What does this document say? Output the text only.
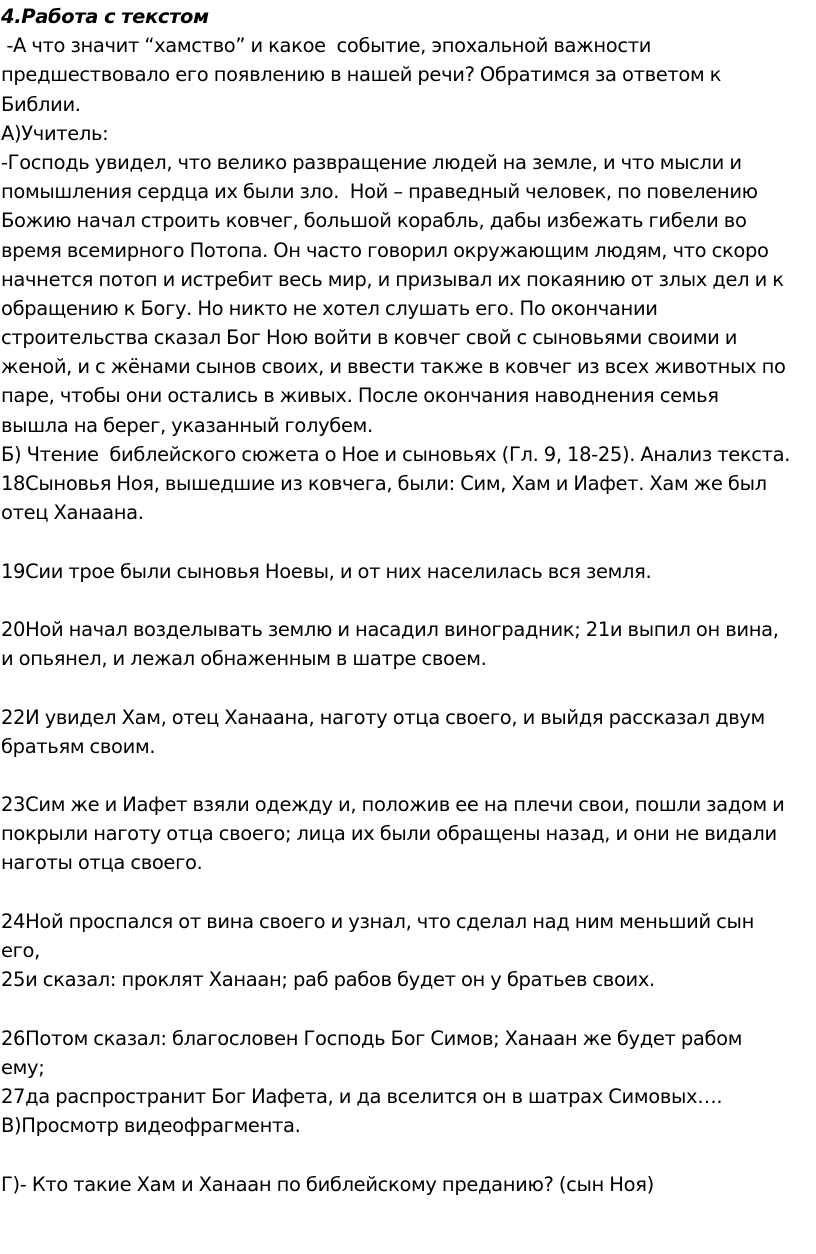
4.Работа с текстом
-А что значит “хамство” и какое  событие, эпохальной важности
предшествовало его появлению в нашей речи? Обратимся за ответом к
Библии.
А)Учитель:
-Господь увидел, что велико развращение людей на земле, и что мысли и
помышления сердца их были зло.  Ной – праведный человек, по повелению
Божию начал строить ковчег, большой корабль, дабы избежать гибели во
время всемирного Потопа. Он часто говорил окружающим людям, что скоро
начнется потоп и истребит весь мир, и призывал их покаянию от злых дел и к
обращению к Богу. Но никто не хотел слушать его. По окончании
строительства сказал Бог Ною войти в ковчег свой с сыновьями своими и
женой, и с жёнами сынов своих, и ввести также в ковчег из всех животных по
паре, чтобы они остались в живых. После окончания наводнения семья
вышла на берег, указанный голубем.
Б) Чтение  библейского сюжета о Ное и сыновьях (Гл. 9, 18-25). Анализ текста.
18Сыновья Ноя, вышедшие из ковчега, были: Сим, Хам и Иафет. Хам же был
отец Ханаана.
19Сии трое были сыновья Ноевы, и от них населилась вся земля.
20Ной начал возделывать землю и насадил виноградник; 21и выпил он вина,
и опьянел, и лежал обнаженным в шатре своем.
22И увидел Хам, отец Ханаана, наготу отца своего, и выйдя рассказал двум
братьям своим.
23Сим же и Иафет взяли одежду и, положив ее на плечи свои, пошли задом и
покрыли наготу отца своего; лица их были обращены назад, и они не видали
наготы отца своего.
24Ной проспался от вина своего и узнал, что сделал над ним меньший сын
его,
25и сказал: проклят Ханаан; раб рабов будет он у братьев своих.
26Потом сказал: благословен Господь Бог Симов; Ханаан же будет рабом
ему;
27да распространит Бог Иафета, и да вселится он в шатрах Симовых….
В)Просмотр видеофрагмента.
Г)- Кто такие Хам и Ханаан по библейскому преданию? (сын Ноя)
